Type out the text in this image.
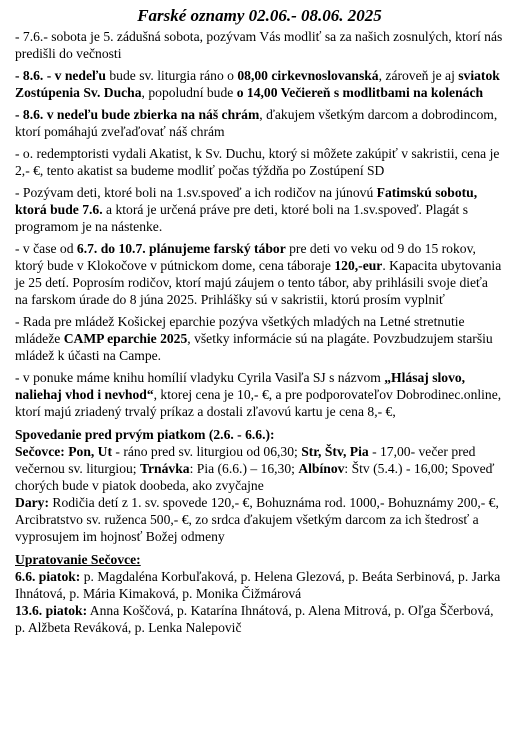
Farské oznamy 02.06.- 08.06. 2025
- 7.6.- sobota je 5. zádušná sobota, pozývam Vás modliť sa za našich zosnulých, ktorí nás predišli do večnosti
- 8.6. - v nedeľu bude sv. liturgia ráno o 08,00 cirkevnoslovanská, zároveň je aj sviatok Zostúpenia Sv. Ducha, popoludní bude o 14,00 Večiereň s modlitbami na kolenách
- 8.6. v nedeľu bude zbierka na náš chrám, ďakujem všetkým darcom a dobrodincom, ktorí pomáhajú zveľaďovať náš chrám
- o. redemptoristi vydali Akatist, k Sv. Duchu, ktorý si môžete zakúpiť v sakristii, cena je 2,- €, tento akatist sa budeme modliť počas týždňa po Zostúpení SD
- Pozývam deti, ktoré boli na 1.sv.spoveď a ich rodičov na júnovú Fatimskú sobotu, ktorá bude 7.6. a ktorá je určená práve pre deti, ktoré boli na 1.sv.spoveď. Plagát s programom je na nástenke.
- v čase od 6.7. do 10.7. plánujeme farský tábor pre deti vo veku od 9 do 15 rokov, ktorý bude v Klokočove v pútnickom dome, cena táboraje 120,-eur. Kapacita ubytovania je 25 detí. Poprosím rodičov, ktorí majú záujem o tento tábor, aby prihlásili svoje dieťa na farskom úrade do 8 júna 2025. Prihlášky sú v sakristii, ktorú prosím vyplniť
- Rada pre mládež Košickej eparchie pozýva všetkých mladých na Letné stretnutie mládeže CAMP eparchie 2025, všetky informácie sú na plagáte. Povzbudzujem staršiu mládež k účasti na Campe.
- v ponuke máme knihu homílií vladyku Cyrila Vasiľa SJ s názvom „Hlásaj slovo, naliehaj vhod i nevhod“, ktorej cena je 10,- €, a pre podporovateľov Dobrodinec.online, ktorí majú zriadený trvalý príkaz a dostali zľavovú kartu je cena 8,- €,
Spovedanie pred prvým piatkom (2.6. - 6.6.):
Sečovce: Pon, Ut - ráno pred sv. liturgiou od 06,30; Str, Štv, Pia - 17,00- večer pred večernou sv. liturgiou; Trnávka: Pia (6.6.) – 16,30; Albínov: Štv (5.4.) - 16,00; Spoveď chorých bude v piatok doobeda, ako zvyčajne
Dary: Rodičia detí z 1. sv. spovede 120,- €, Bohuznáma rod. 1000,- Bohuznámy 200,- €, Arcibratstvo sv. ruženca 500,- €, zo srdca ďakujem všetkým darcom za ich štedrosť a vyprosujem im hojnosť Božej odmeny
Upratovanie Sečovce:
6.6. piatok: p. Magdaléna Korbuľaková, p. Helena Glezová, p. Beáta Serbinová, p. Jarka Ihnátová, p. Mária Kimaková, p. Monika Čižmárová
13.6. piatok: Anna Koščová, p. Katarína Ihnátová, p. Alena Mitrová, p. Oľga Ščerbová, p. Alžbeta Reváková, p. Lenka Nalepovič
